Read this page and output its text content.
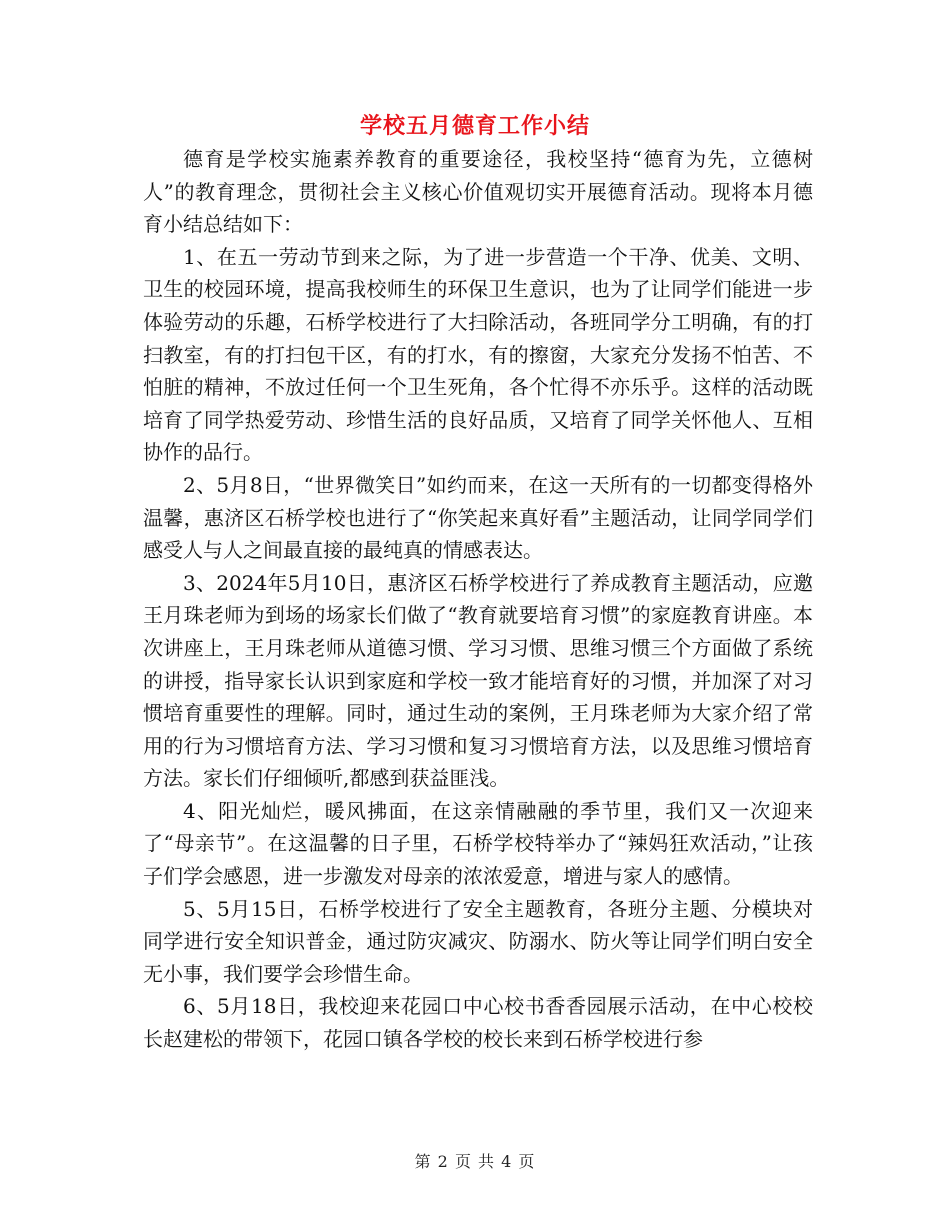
学校五月德育工作小结

德育是学校实施素养教育的重要途径，我校坚持“德育为先，立德树人”的教育理念，贯彻社会主义核心价值观切实开展德育活动。现将本月德育小结总结如下：

1、在五一劳动节到来之际，为了进一步营造一个干净、优美、文明、卫生的校园环境，提高我校师生的环保卫生意识，也为了让同学们能进一步体验劳动的乐趣，石桥学校进行了大扫除活动，各班同学分工明确，有的打扫教室，有的打扫包干区，有的打水，有的擦窗，大家充分发扬不怕苦、不怕脏的精神，不放过任何一个卫生死角，各个忙得不亦乐乎。这样的活动既培育了同学热爱劳动、珍惜生活的良好品质，又培育了同学关怀他人、互相协作的品行。

2、5月8日，“世界微笑日”如约而来，在这一天所有的一切都变得格外温馨，惠济区石桥学校也进行了“你笑起来真好看”主题活动，让同学同学们感受人与人之间最直接的最纯真的情感表达。

3、2024年5月10日，惠济区石桥学校进行了养成教育主题活动，应邀王月珠老师为到场的场家长们做了“教育就要培育习惯”的家庭教育讲座。本次讲座上，王月珠老师从道德习惯、学习习惯、思维习惯三个方面做了系统的讲授，指导家长认识到家庭和学校一致才能培育好的习惯，并加深了对习惯培育重要性的理解。同时，通过生动的案例，王月珠老师为大家介绍了常用的行为习惯培育方法、学习习惯和复习习惯培育方法，以及思维习惯培育方法。家长们仔细倾听,都感到获益匪浅。

4、阳光灿烂，暖风拂面，在这亲情融融的季节里，我们又一次迎来了“母亲节”。在这温馨的日子里，石桥学校特举办了“辣妈狂欢活动，”让孩子们学会感恩，进一步激发对母亲的浓浓爱意，增进与家人的感情。

5、5月15日，石桥学校进行了安全主题教育，各班分主题、分模块对同学进行安全知识普金，通过防灾减灾、防溺水、防火等让同学们明白安全无小事，我们要学会珍惜生命。

6、5月18日，我校迎来花园口中心校书香香园展示活动，在中心校校长赵建松的带领下，花园口镇各学校的校长来到石桥学校进行参

第 2 页 共 4 页
